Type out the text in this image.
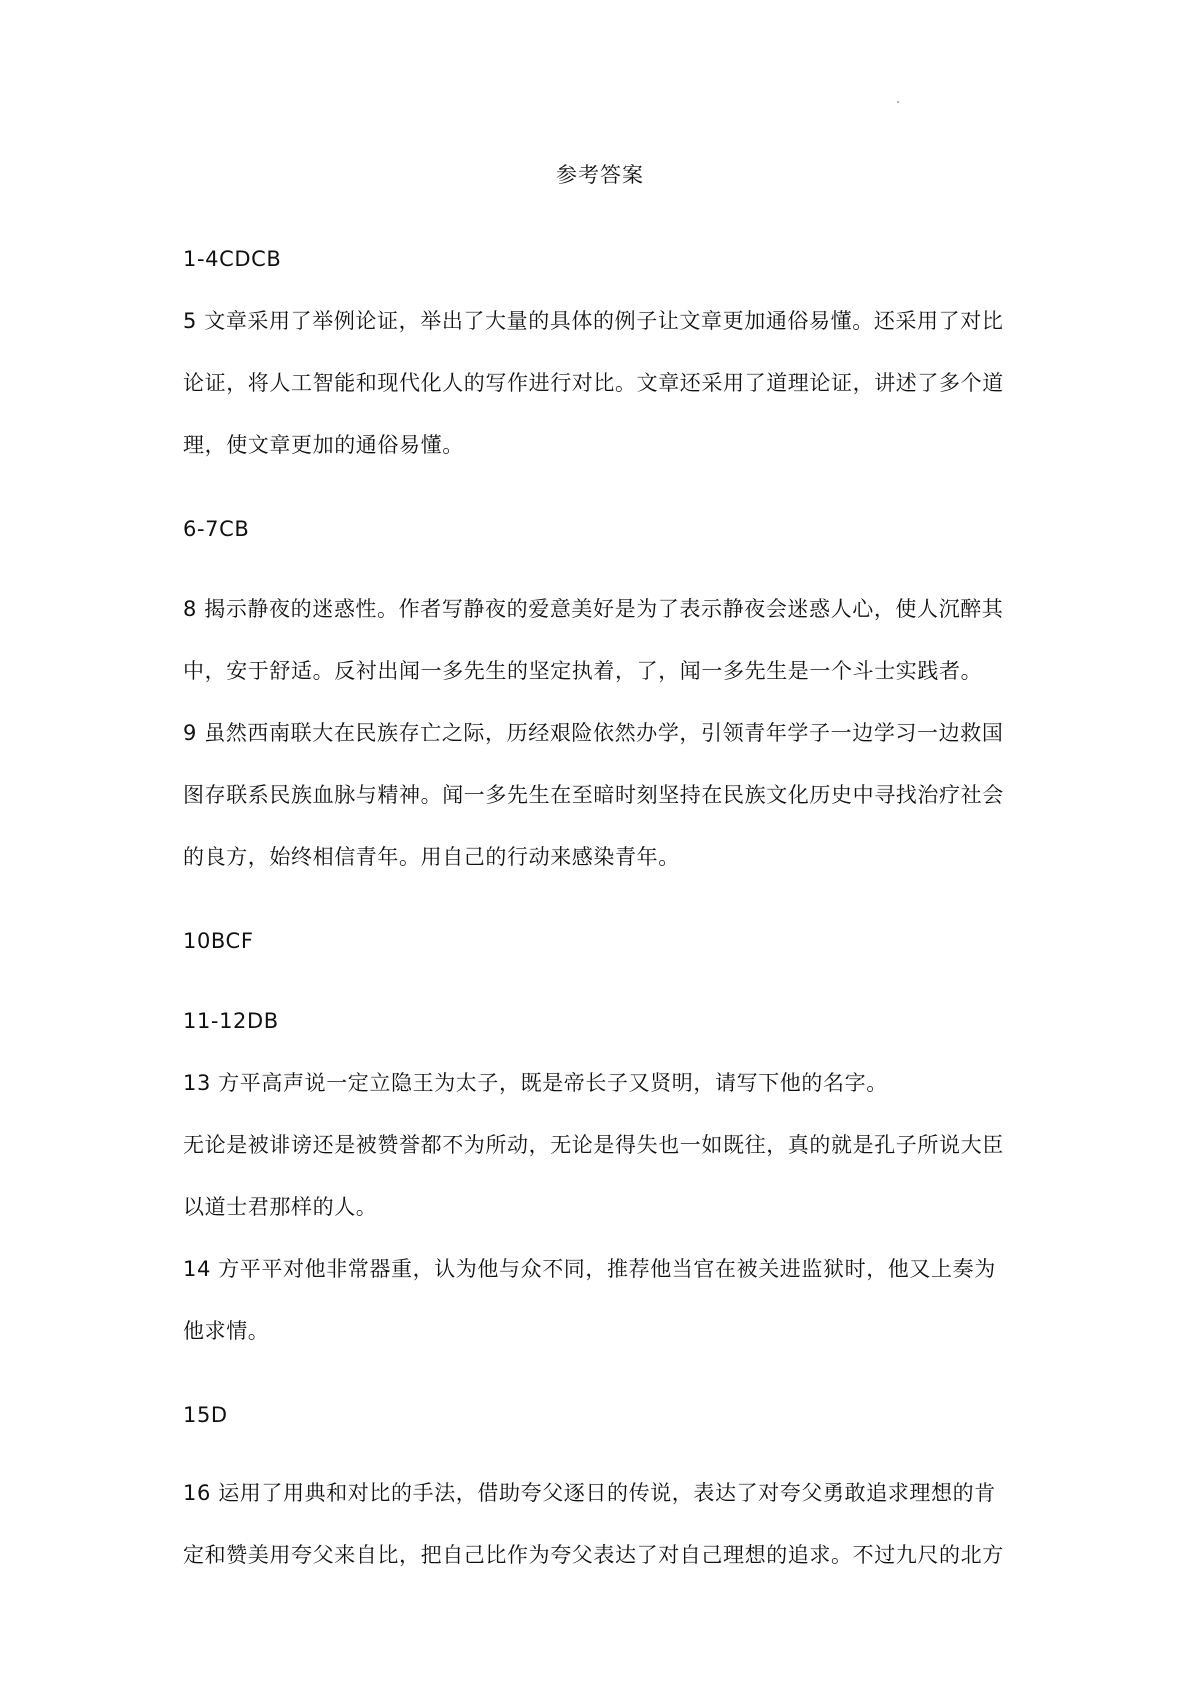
参考答案
1-4CDCB
5 文章采用了举例论证，举出了大量的具体的例子让文章更加通俗易懂。还采用了对比
论证，将人工智能和现代化人的写作进行对比。文章还采用了道理论证，讲述了多个道
理，使文章更加的通俗易懂。
6-7CB
8 揭示静夜的迷惑性。作者写静夜的爱意美好是为了表示静夜会迷惑人心，使人沉醉其
中，安于舒适。反衬出闻一多先生的坚定执着，了，闻一多先生是一个斗士实践者。
9 虽然西南联大在民族存亡之际，历经艰险依然办学，引领青年学子一边学习一边救国
图存联系民族血脉与精神。闻一多先生在至暗时刻坚持在民族文化历史中寻找治疗社会
的良方，始终相信青年。用自己的行动来感染青年。
10BCF
11-12DB
13 方平高声说一定立隐王为太子，既是帝长子又贤明，请写下他的名字。
无论是被诽谤还是被赞誉都不为所动，无论是得失也一如既往，真的就是孔子所说大臣
以道士君那样的人。
14 方平平对他非常器重，认为他与众不同，推荐他当官在被关进监狱时，他又上奏为
他求情。
15D
16 运用了用典和对比的手法，借助夸父逐日的传说，表达了对夸父勇敢追求理想的肯
定和赞美用夸父来自比，把自己比作为夸父表达了对自己理想的追求。不过九尺的北方
